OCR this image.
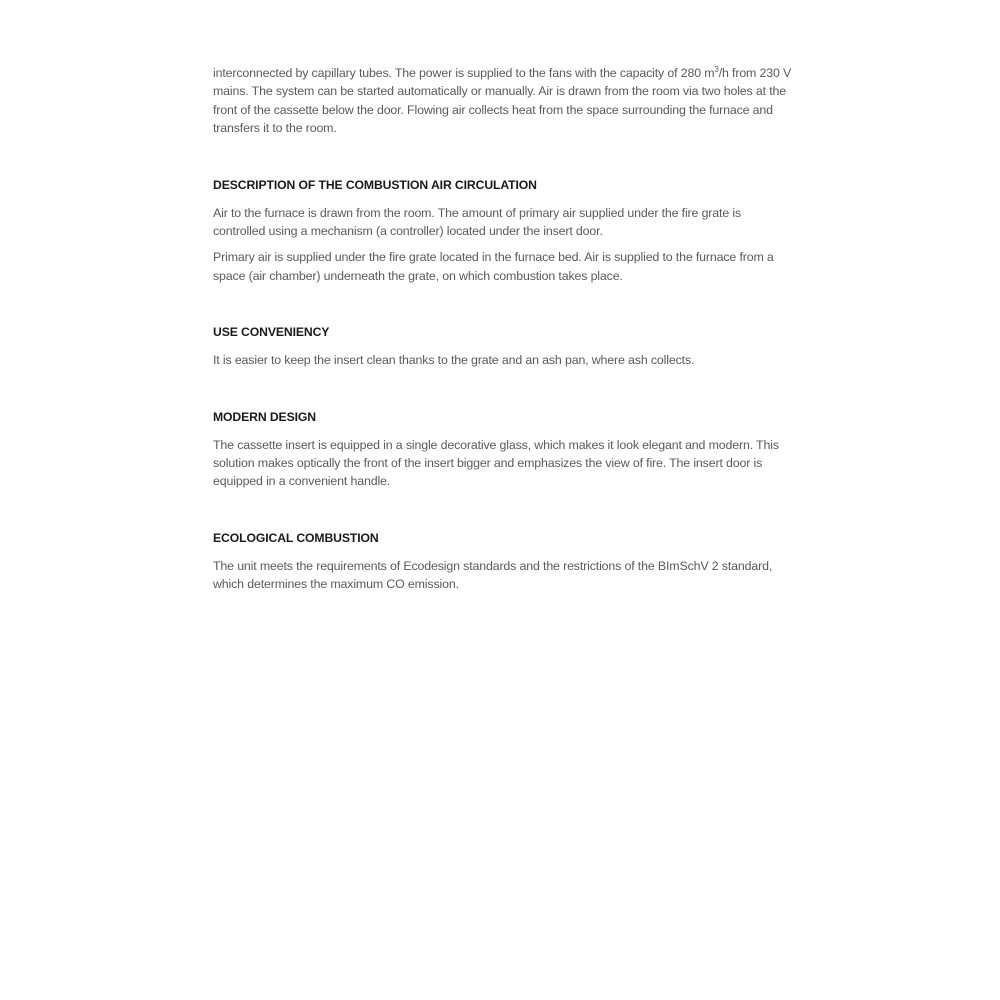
interconnected by capillary tubes. The power is supplied to the fans with the capacity of 280 $m^3/h$ from 230 V mains. The system can be started automatically or manually. Air is drawn from the room via two holes at the front of the cassette below the door. Flowing air collects heat from the space surrounding the furnace and transfers it to the room.

DESCRIPTION OF THE COMBUSTION AIR CIRCULATION

Air to the furnace is drawn from the room. The amount of primary air supplied under the fire grate is controlled using a mechanism (a controller) located under the insert door.

Primary air is supplied under the fire grate located in the furnace bed. Air is supplied to the furnace from a space (air chamber) underneath the grate, on which combustion takes place.

USE CONVENIENCY

It is easier to keep the insert clean thanks to the grate and an ash pan, where ash collects.

MODERN DESIGN

The cassette insert is equipped in a single decorative glass, which makes it look elegant and modern. This solution makes optically the front of the insert bigger and emphasizes the view of fire. The insert door is equipped in a convenient handle.

ECOLOGICAL COMBUSTION

The unit meets the requirements of Ecodesign standards and the restrictions of the BImSchV 2 standard, which determines the maximum CO emission.
